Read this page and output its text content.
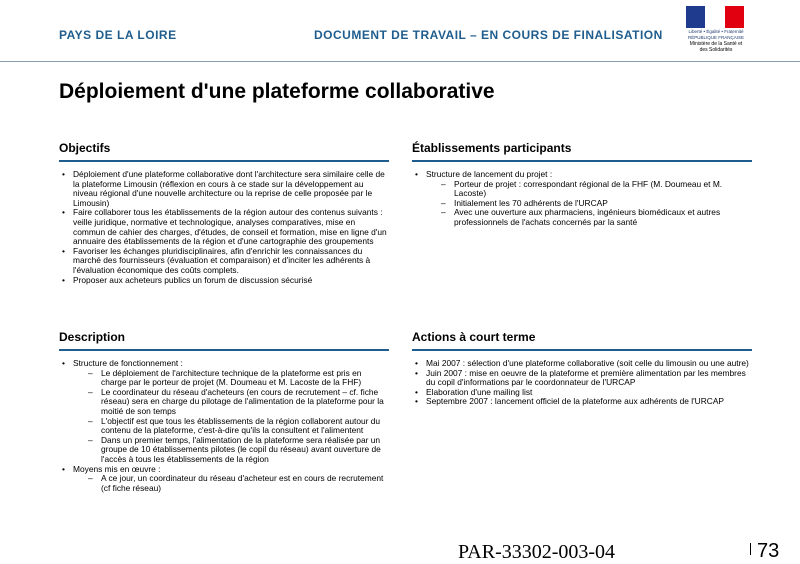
PAYS DE LA LOIRE	DOCUMENT DE TRAVAIL – EN COURS DE FINALISATION	Liberté • Égalité • Fraternité
RÉPUBLIQUE FRANÇAISE
Ministère de la Santé et des Solidarités
Déploiement d'une plateforme collaborative
Objectifs
• Déploiement d'une plateforme collaborative dont l'architecture sera similaire celle de la plateforme Limousin (réflexion en cours à ce stade sur la développement au niveau régional d'une nouvelle architecture ou la reprise de celle proposée par le Limousin)
• Faire collaborer tous les établissements de la région autour des contenus suivants : veille juridique, normative et technologique, analyses comparatives, mise en commun de cahier des charges, d'études, de conseil et formation, mise en ligne d'un annuaire des établissements de la région et d'une cartographie des groupements
• Favoriser les échanges pluridisciplinaires, afin d'enrichir les connaissances du marché des fournisseurs (évaluation et comparaison) et d'inciter les adhérents à l'évaluation économique des coûts complets.
• Proposer aux acheteurs publics un forum de discussion sécurisé
Établissements participants
• Structure de lancement du projet :
– Porteur de projet : correspondant régional de la FHF (M. Doumeau et M. Lacoste)
– Initialement les 70 adhérents de l'URCAP
– Avec une ouverture aux pharmaciens, ingénieurs biomédicaux et autres professionnels de l'achats concernés par la santé
Description
• Structure de fonctionnement :
– Le déploiement de l'architecture technique de la plateforme est pris en charge par le porteur de projet (M. Doumeau et M. Lacoste de la FHF)
– Le coordinateur du réseau d'acheteurs (en cours de recrutement – cf. fiche réseau) sera en charge du pilotage de l'alimentation de la plateforme pour la moitié de son temps
– L'objectif est que tous les établissements de la région collaborent autour du contenu de la plateforme, c'est-à-dire qu'ils la consultent et l'alimentent
– Dans un premier temps, l'alimentation de la plateforme sera réalisée par un groupe de 10 établissements pilotes (le copil du réseau) avant ouverture de l'accès à tous les établissements de la région
• Moyens mis en œuvre :
– A ce jour, un coordinateur du réseau d'acheteur est en cours de recrutement (cf fiche réseau)
Actions à court terme
• Mai 2007 : sélection d'une plateforme collaborative (soit celle du limousin ou une autre)
• Juin 2007 : mise en oeuvre de la plateforme et première alimentation par les membres du copil d'informations par le coordonnateur de l'URCAP
• Elaboration d'une mailing list
• Septembre 2007 : lancement officiel de la plateforme aux adhérents de l'URCAP
PAR-33302-003-04	73
